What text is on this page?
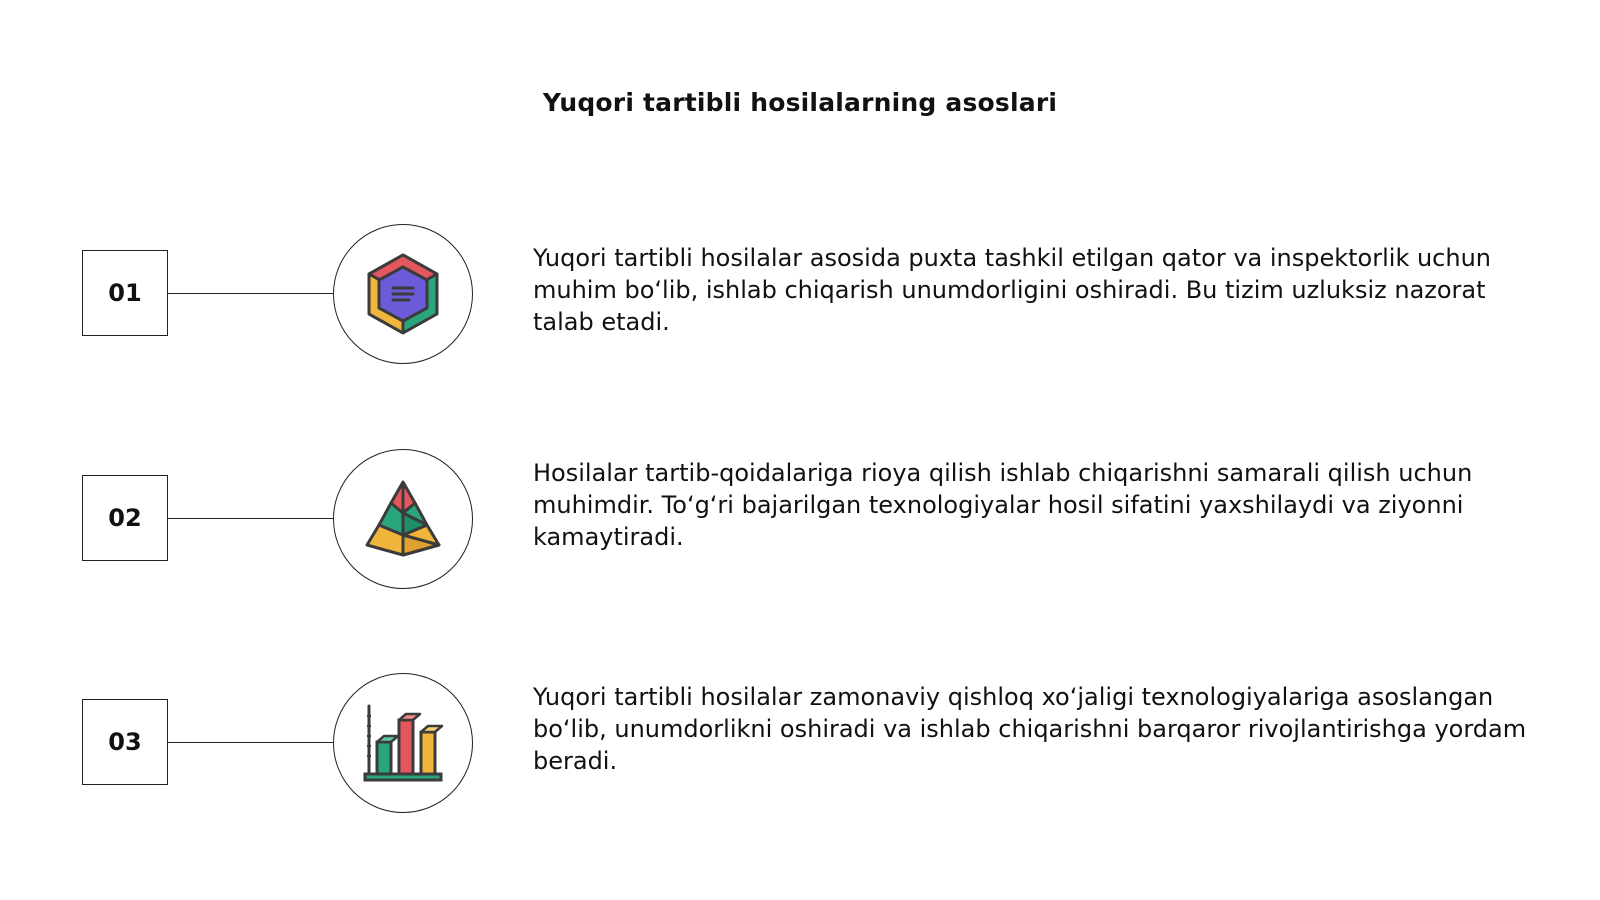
Yuqori tartibli hosilalarning asoslari
01
Yuqori tartibli hosilalar asosida puxta tashkil etilgan qator va inspektorlik uchun muhim bo‘lib, ishlab chiqarish unumdorligini oshiradi. Bu tizim uzluksiz nazorat talab etadi.
02
Hosilalar tartib-qoidalariga rioya qilish ishlab chiqarishni samarali qilish uchun muhimdir. To‘g‘ri bajarilgan texnologiyalar hosil sifatini yaxshilaydi va ziyonni kamaytiradi.
03
Yuqori tartibli hosilalar zamonaviy qishloq xo‘jaligi texnologiyalariga asoslangan bo‘lib, unumdorlikni oshiradi va ishlab chiqarishni barqaror rivojlantirishga yordam beradi.
